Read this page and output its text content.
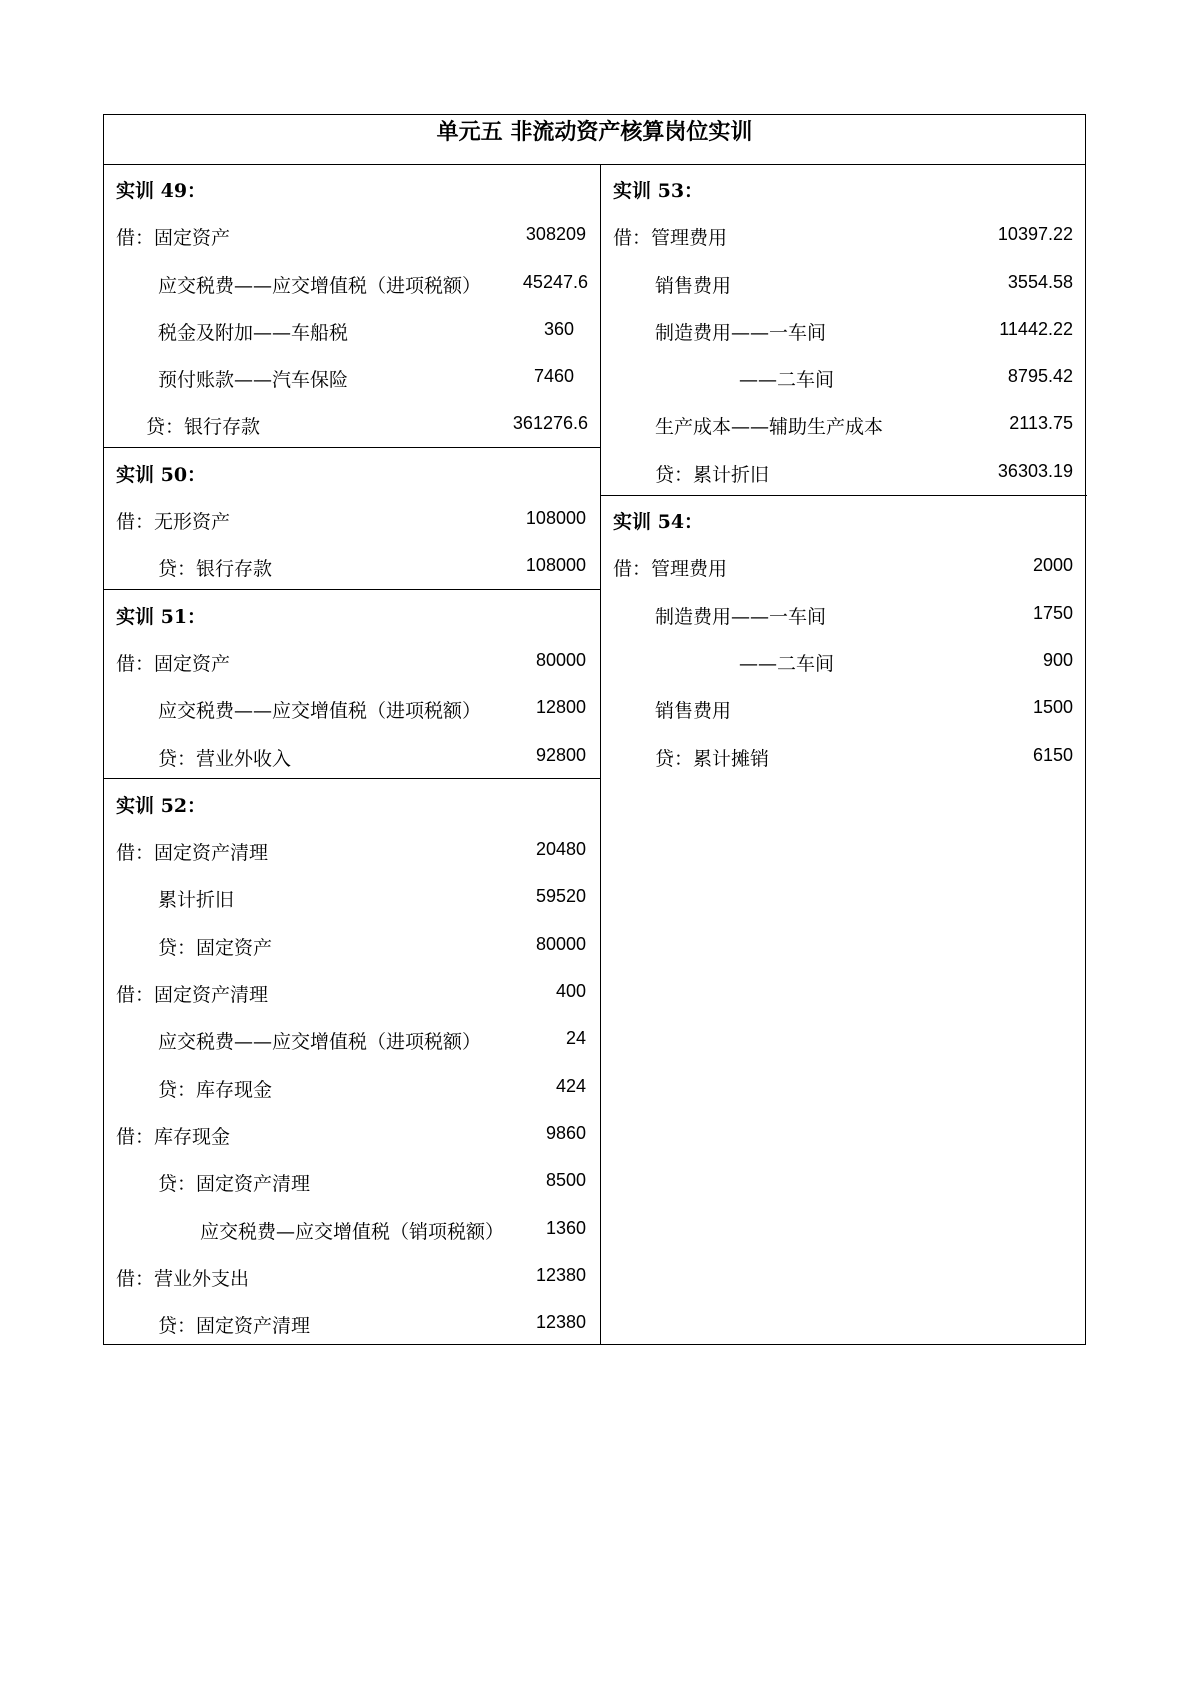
单元五 非流动资产核算岗位实训
实训 49：
借：固定资产	308209
应交税费——应交增值税（进项税额） 45247.6
税金及附加——车船税	360
预付账款——汽车保险	7460
贷：银行存款	361276.6
实训 50：
借：无形资产	108000
贷：银行存款	108000
实训 51：
借：固定资产	80000
应交税费——应交增值税（进项税额）	12800
贷：营业外收入	92800
实训 52：
借：固定资产清理	20480
累计折旧	59520
贷：固定资产	80000
借：固定资产清理	400
应交税费——应交增值税（进项税额）	24
贷：库存现金	424
借：库存现金	9860
贷：固定资产清理	8500
应交税费—应交增值税（销项税额） 1360
借：营业外支出	12380
贷：固定资产清理	12380
实训 53：
借：管理费用	10397.22
销售费用	3554.58
制造费用——一车间	11442.22
——二车间	8795.42
生产成本——辅助生产成本	2113.75
贷：累计折旧	36303.19
实训 54：
借：管理费用	2000
制造费用——一车间	1750
——二车间	900
销售费用	1500
贷：累计摊销	6150
